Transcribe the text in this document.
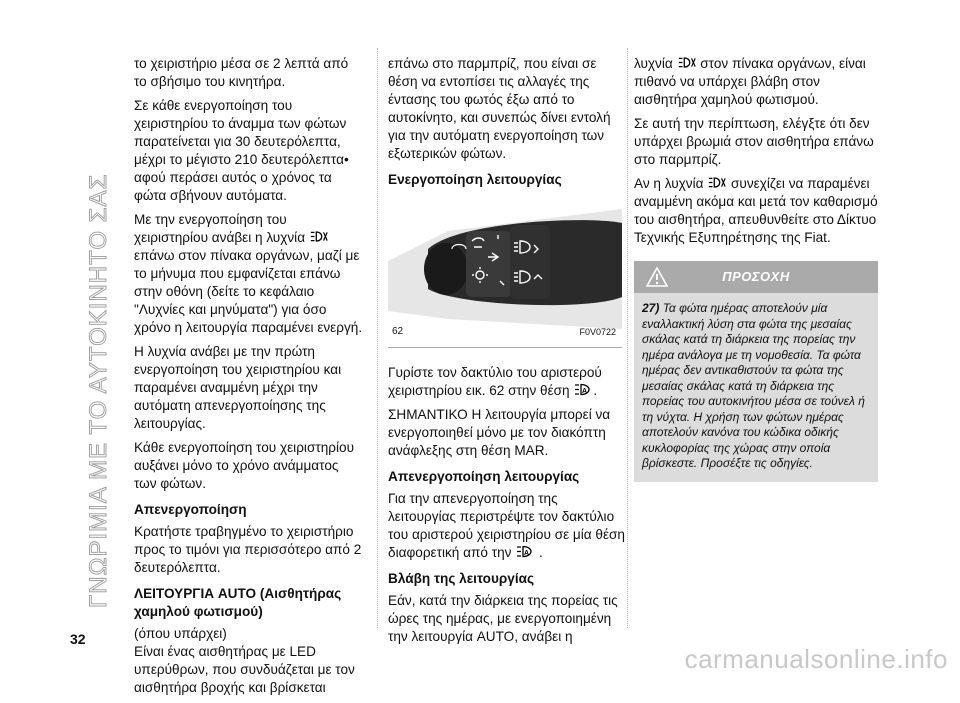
ΓΝΩΡΙΜΙΑ ΜΕ ΤΟ ΑΥΤΟΚΙΝΗΤΟ ΣΑΣ

το χειριστήριο μέσα σε 2 λεπτά από το σβήσιμο του κινητήρα.

Σε κάθε ενεργοποίηση του χειριστηρίου το άναμμα των φώτων παρατείνεται για 30 δευτερόλεπτα, μέχρι το μέγιστο 210 δευτερόλεπτα• αφού περάσει αυτός ο χρόνος τα φώτα σβήνουν αυτόματα.

Με την ενεργοποίηση του χειριστηρίου ανάβει η λυχνία  επάνω στον πίνακα οργάνων, μαζί με το μήνυμα που εμφανίζεται επάνω στην οθόνη (δείτε το κεφάλαιο "Λυχνίες και μηνύματα") για όσο χρόνο η λειτουργία παραμένει ενεργή.

Η λυχνία ανάβει με την πρώτη ενεργοποίηση του χειριστηρίου και παραμένει αναμμένη μέχρι την αυτόματη απενεργοποίησης της λειτουργίας.

Κάθε ενεργοποίηση του χειριστηρίου αυξάνει μόνο το χρόνο ανάμματος των φώτων.

Απενεργοποίηση

Κρατήστε τραβηγμένο το χειριστήριο προς το τιμόνι για περισσότερο από 2 δευτερόλεπτα.

ΛΕΙΤΟΥΡΓΙΑ AUTO (Αισθητήρας χαμηλού φωτισμού)

(όπου υπάρχει)

Είναι ένας αισθητήρας με LED υπερύθρων, που συνδυάζεται με τον αισθητήρα βροχής και βρίσκεται

επάνω στο παρμπρίζ, που είναι σε θέση να εντοπίσει τις αλλαγές της έντασης του φωτός έξω από το αυτοκίνητο, και συνεπώς δίνει εντολή για την αυτόματη ενεργοποίηση των εξωτερικών φώτων.

Ενεργοποίηση λειτουργίας
62	F0V0722

Γυρίστε τον δακτύλιο του αριστερού χειριστηρίου εικ. 62 στην θέση A .

ΣΗΜΑΝΤΙΚΟ Η λειτουργία μπορεί να ενεργοποιηθεί μόνο με τον διακόπτη ανάφλεξης στη θέση MAR.

Απενεργοποίηση λειτουργίας

Για την απενεργοποίηση της λειτουργίας περιστρέψτε τον δακτύλιο του αριστερού χειριστηρίου σε μία θέση διαφορετική από την A .

Βλάβη της λειτουργίας

Εάν, κατά την διάρκεια της πορείας τις ώρες της ημέρας, με ενεργοποιημένη την λειτουργία AUTO, ανάβει η

λυχνία στον πίνακα οργάνων, είναι πιθανό να υπάρχει βλάβη στον αισθητήρα χαμηλού φωτισμού.

Σε αυτή την περίπτωση, ελέγξτε ότι δεν υπάρχει βρωμιά στον αισθητήρα επάνω στο παρμπρίζ.

Αν η λυχνία συνεχίζει να παραμένει αναμμένη ακόμα και μετά τον καθαρισμό του αισθητήρα, απευθυνθείτε στο Δίκτυο Τεχνικής Εξυπηρέτησης της Fiat.

ΠΡΟΣΟΧΗ
27) Τα φώτα ημέρας αποτελούν μία εναλλακτική λύση στα φώτα της μεσαίας σκάλας κατά τη διάρκεια της πορείας την ημέρα ανάλογα με τη νομοθεσία. Τα φώτα ημέρας δεν αντικαθιστούν τα φώτα της μεσαίας σκάλας κατά τη διάρκεια της πορείας του αυτοκινήτου μέσα σε τούνελ ή τη νύχτα. Η χρήση των φώτων ημέρας αποτελούν κανόνα του κώδικα οδικής κυκλοφορίας της χώρας στην οποία βρίσκεστε. Προσέξτε τις οδηγίες.
32
carmanualsonline.info
